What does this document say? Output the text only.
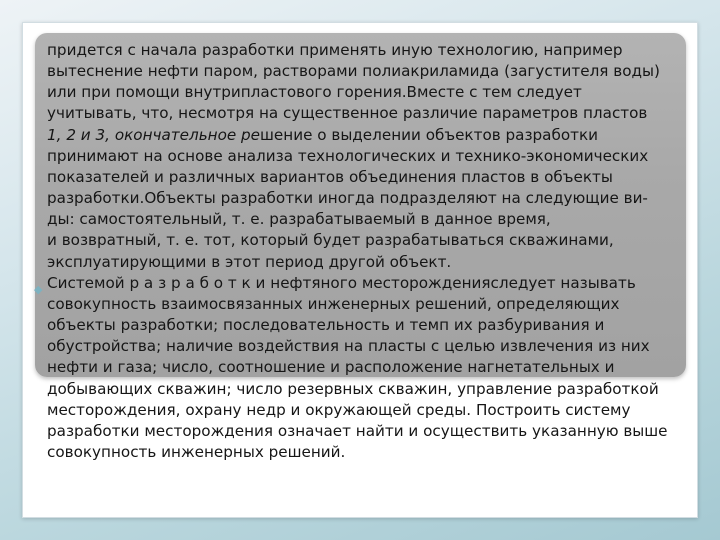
◆
придется с начала разработки применять иную технологию, например
вытеснение нефти паром, растворами полиакриламида (загустителя воды)
или при помощи внутрипластового горения.Вместе с тем следует
учитывать, что, несмотря на существенное различие параметров пластов
1, 2 и 3, окончательное решение о выделении объектов разработки
принимают на основе анализа технологических и технико-экономических
показателей и различных вариантов объединения пластов в объекты
разработки.Объекты разработки иногда подразделяют на следующие ви-
ды: самостоятельный, т. е. разрабатываемый в данное время,
и возвратный, т. е. тот, который будет разрабатываться скважинами,
эксплуатирующими в этот период другой объект.
Системой р а з р а б о т к и нефтяного месторожденияследует называть
совокупность взаимосвязанных инженерных решений, определяющих
объекты разработки; последовательность и темп их разбуривания и
обустройства; наличие воздействия на пласты с целью извлечения из них
нефти и газа; число, соотношение и расположение нагнетательных и
добывающих скважин; число резервных скважин, управление разработкой
месторождения, охрану недр и окружающей среды. Построить систему
разработки месторождения означает найти и осуществить указанную выше
совокупность инженерных решений.
